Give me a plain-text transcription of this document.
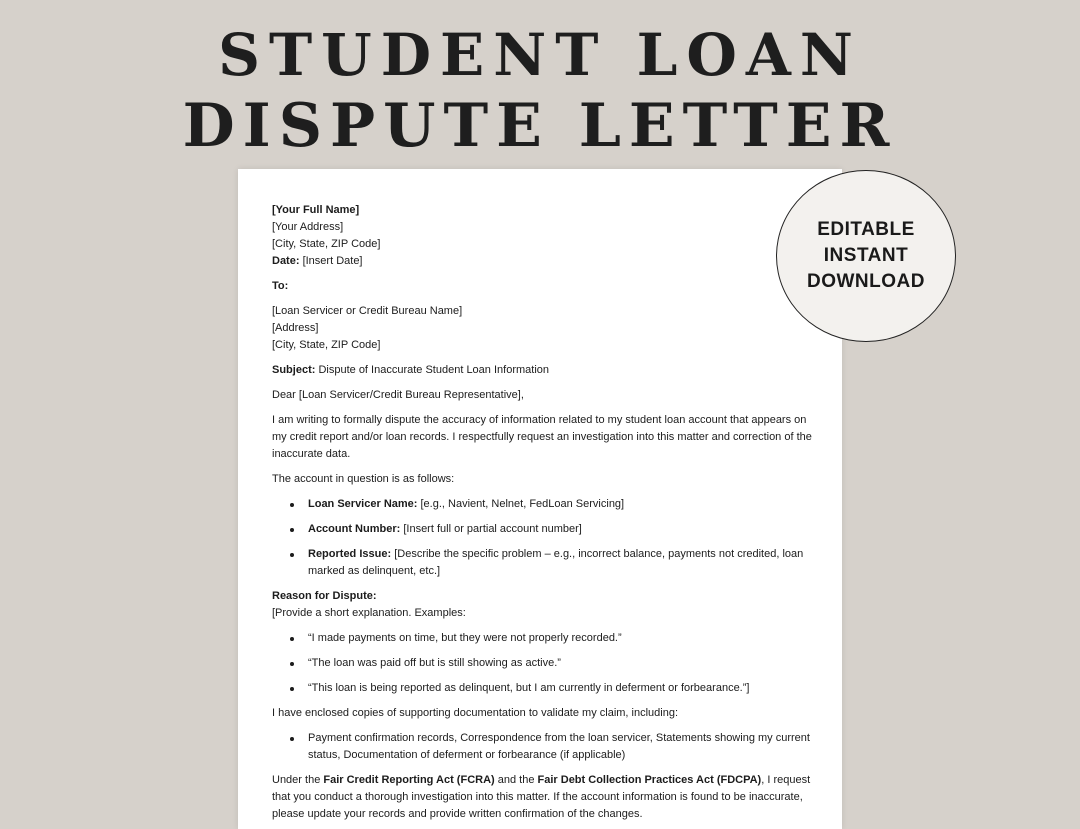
STUDENT LOAN
DISPUTE LETTER

[Your Full Name]

[Your Address]

[City, State, ZIP Code]

Date: [Insert Date]

To:

[Loan Servicer or Credit Bureau Name]

[Address]

[City, State, ZIP Code]

Subject: Dispute of Inaccurate Student Loan Information

Dear [Loan Servicer/Credit Bureau Representative],

I am writing to formally dispute the accuracy of information related to my student loan account that appears on my credit report and/or loan records. I respectfully request an investigation into this matter and correction of the inaccurate data.

The account in question is as follows:

Loan Servicer Name: [e.g., Navient, Nelnet, FedLoan Servicing]
Account Number: [Insert full or partial account number]
Reported Issue: [Describe the specific problem – e.g., incorrect balance, payments not credited, loan marked as delinquent, etc.]

Reason for Dispute:

[Provide a short explanation. Examples:

“I made payments on time, but they were not properly recorded.”
“The loan was paid off but is still showing as active.”
“This loan is being reported as delinquent, but I am currently in deferment or forbearance.”]

I have enclosed copies of supporting documentation to validate my claim, including:

Payment confirmation records, Correspondence from the loan servicer, Statements showing my current status, Documentation of deferment or forbearance (if applicable)

Under the Fair Credit Reporting Act (FCRA) and the Fair Debt Collection Practices Act (FDCPA), I request that you conduct a thorough investigation into this matter. If the account information is found to be inaccurate, please update your records and provide written confirmation of the changes.

EDITABLE
INSTANT
DOWNLOAD
